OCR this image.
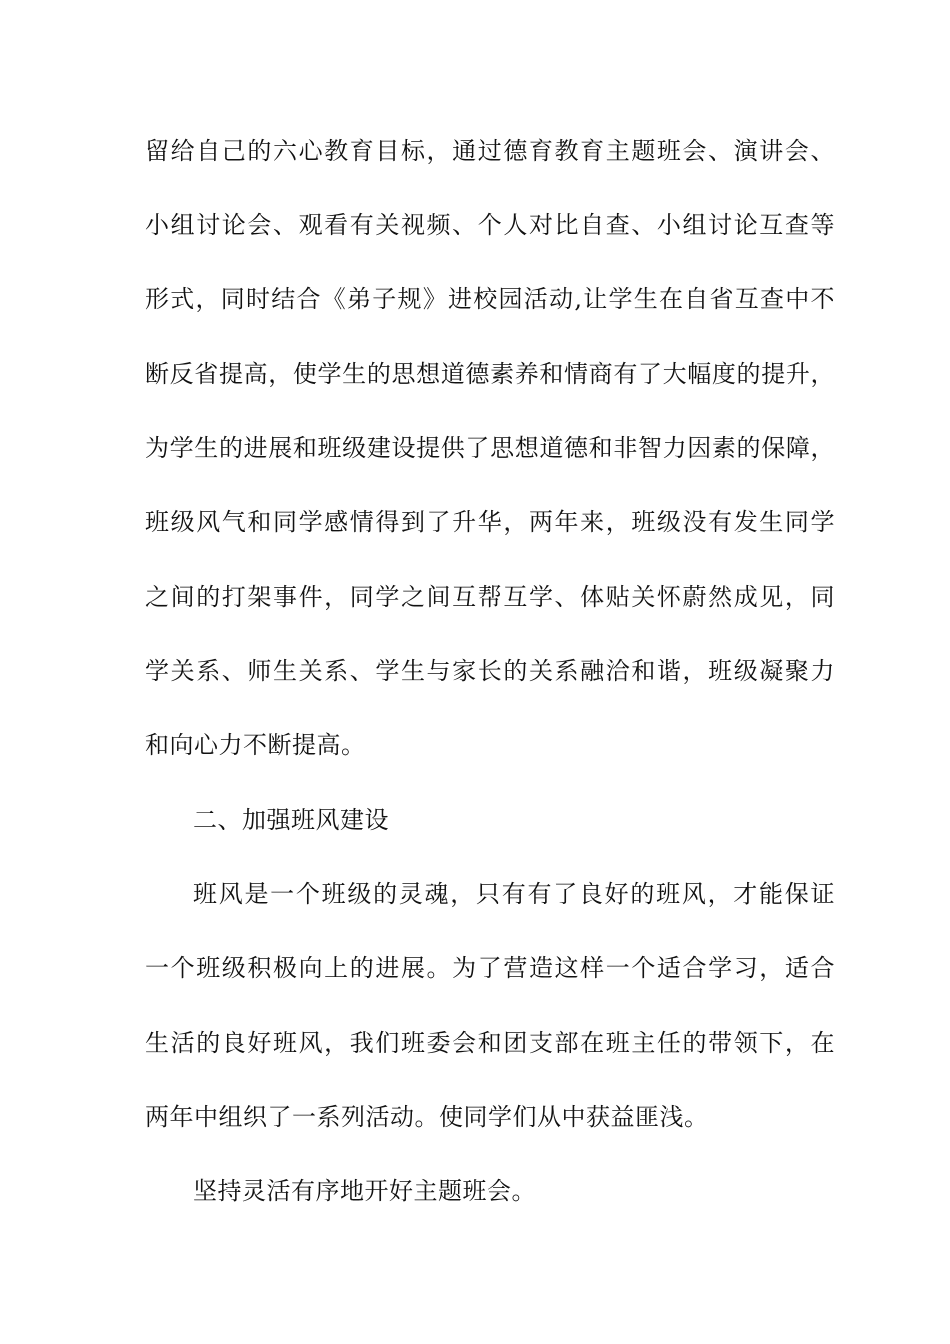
留给自己的六心教育目标，通过德育教育主题班会、演讲会、
小组讨论会、观看有关视频、个人对比自查、小组讨论互查等
形式，同时结合《弟子规》进校园活动,让学生在自省互查中不
断反省提高，使学生的思想道德素养和情商有了大幅度的提升，
为学生的进展和班级建设提供了思想道德和非智力因素的保障，
班级风气和同学感情得到了升华，两年来，班级没有发生同学
之间的打架事件，同学之间互帮互学、体贴关怀蔚然成见，同
学关系、师生关系、学生与家长的关系融洽和谐，班级凝聚力
和向心力不断提高。
二、加强班风建设
班风是一个班级的灵魂，只有有了良好的班风，才能保证
一个班级积极向上的进展。为了营造这样一个适合学习，适合
生活的良好班风，我们班委会和团支部在班主任的带领下，在
两年中组织了一系列活动。使同学们从中获益匪浅。
坚持灵活有序地开好主题班会。
